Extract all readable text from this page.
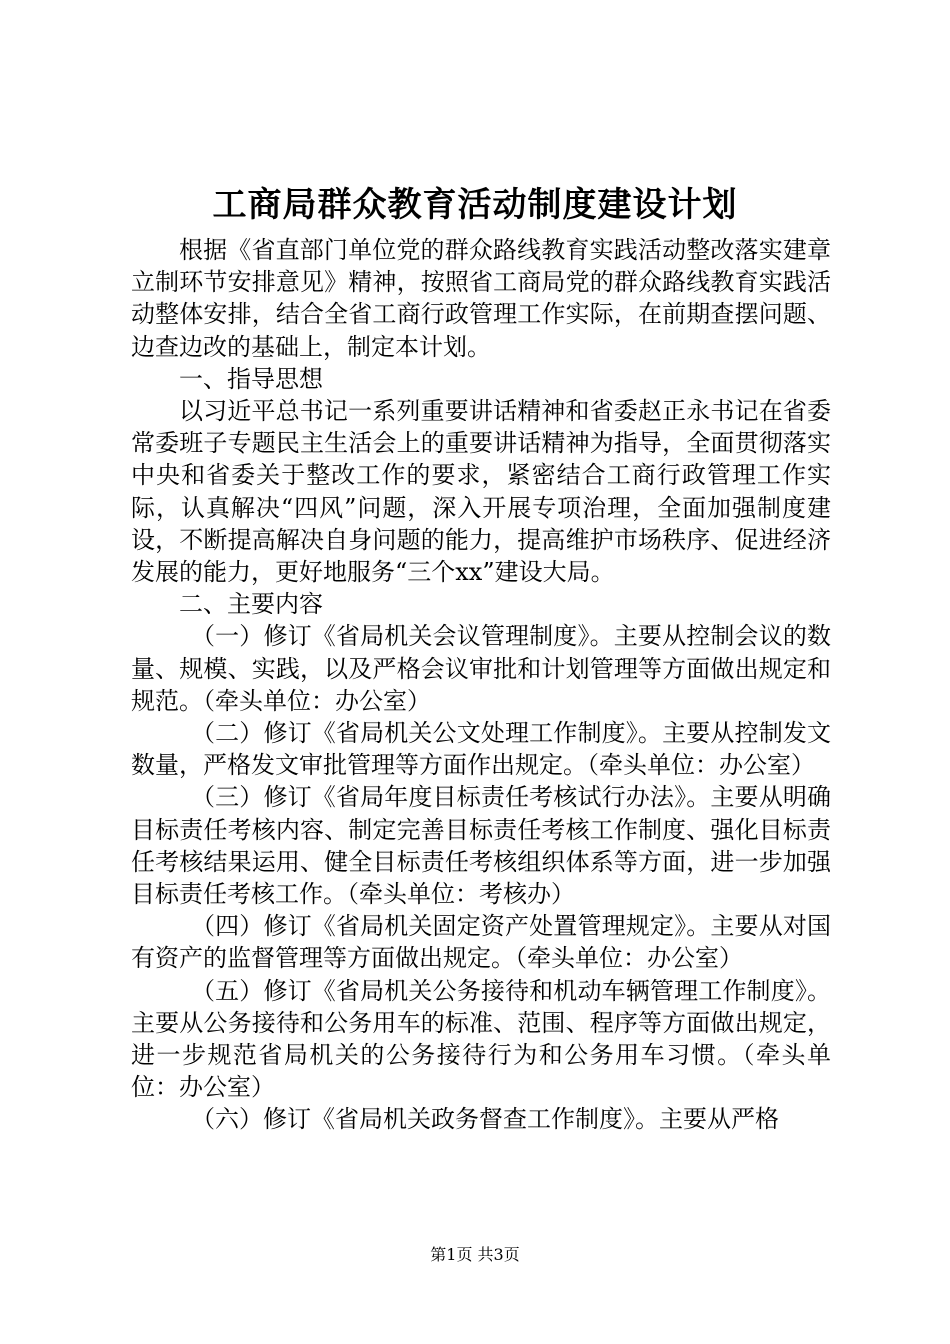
工商局群众教育活动制度建设计划

根据《省直部门单位党的群众路线教育实践活动整改落实建章立制环节安排意见》精神，按照省工商局党的群众路线教育实践活动整体安排，结合全省工商行政管理工作实际，在前期查摆问题、边查边改的基础上，制定本计划。

一、指导思想

以习近平总书记一系列重要讲话精神和省委赵正永书记在省委常委班子专题民主生活会上的重要讲话精神为指导，全面贯彻落实中央和省委关于整改工作的要求，紧密结合工商行政管理工作实际，认真解决“四风”问题，深入开展专项治理，全面加强制度建设，不断提高解决自身问题的能力，提高维护市场秩序、促进经济发展的能力，更好地服务“三个xx”建设大局。

二、主要内容

（一）修订《省局机关会议管理制度》。主要从控制会议的数量、规模、实践，以及严格会议审批和计划管理等方面做出规定和规范。（牵头单位：办公室）

（二）修订《省局机关公文处理工作制度》。主要从控制发文数量，严格发文审批管理等方面作出规定。（牵头单位：办公室）

（三）修订《省局年度目标责任考核试行办法》。主要从明确目标责任考核内容、制定完善目标责任考核工作制度、强化目标责任考核结果运用、健全目标责任考核组织体系等方面，进一步加强目标责任考核工作。（牵头单位：考核办）

（四）修订《省局机关固定资产处置管理规定》。主要从对国有资产的监督管理等方面做出规定。（牵头单位：办公室）

（五）修订《省局机关公务接待和机动车辆管理工作制度》。主要从公务接待和公务用车的标准、范围、程序等方面做出规定，进一步规范省局机关的公务接待行为和公务用车习惯。（牵头单位：办公室）

（六）修订《省局机关政务督查工作制度》。主要从严格

第1页 共3页
